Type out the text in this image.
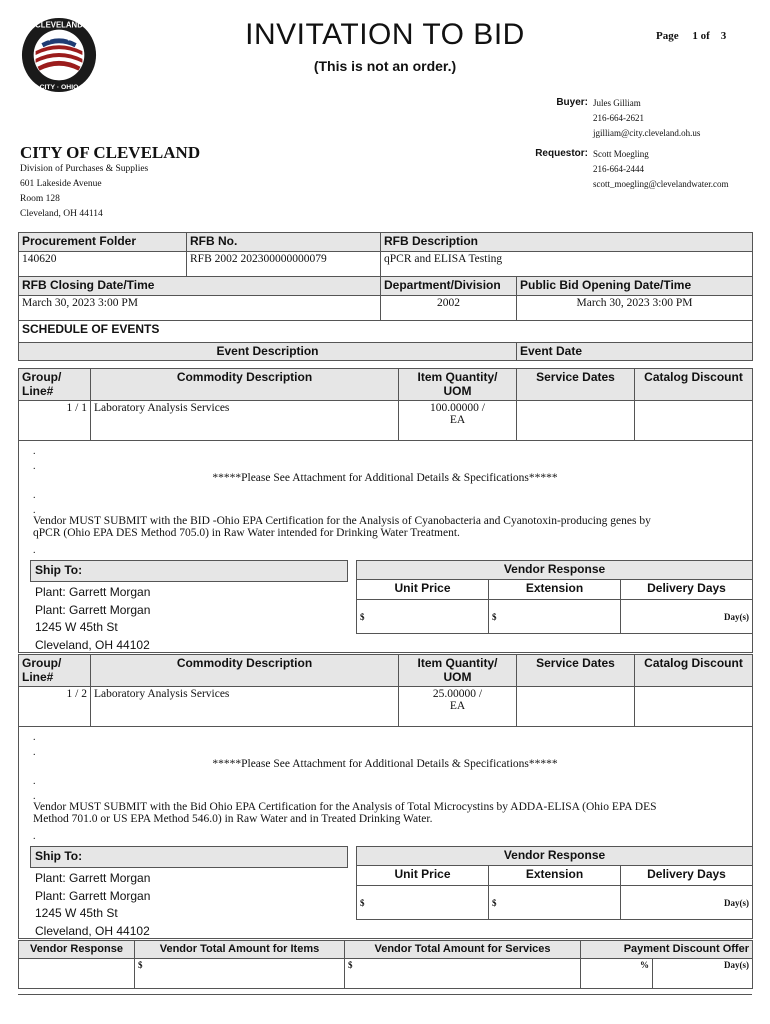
CLEVELAND
CITY · OHIO
INVITATION TO BID
(This is not an order.)
Page 1 of 3
Buyer: Jules Gilliam
216-664-2621
jgilliam@city.cleveland.oh.us
Requestor: Scott Moegling
216-664-2444
scott_moegling@clevelandwater.com
CITY OF CLEVELAND
Division of Purchases & Supplies
601 Lakeside Avenue
Room 128
Cleveland, OH 44114
Procurement Folder	RFB No.	RFB Description	
140620	RFB 2002 202300000000079	qPCR and ELISA Testing	
RFB Closing Date/Time		Department/Division	Public Bid Opening Date/Time
March 30, 2023 3:00 PM		2002	March 30, 2023 3:00 PM
SCHEDULE OF EVENTS			
Event Description			Event Date
Group/ Line#	Commodity Description	Item Quantity/ UOM	Service Dates	Catalog Discount
1 / 1	Laboratory Analysis Services	100.00000 /
EA		

.
.
*****Please See Attachment for Additional Details & Specifications*****
.
.
Vendor MUST SUBMIT with the BID -Ohio EPA Certification for the Analysis of Cyanobacteria and Cyanotoxin-producing genes by
qPCR (Ohio EPA DES Method 705.0) in Raw Water intended for Drinking Water Treatment.
.
Ship To:
Plant: Garrett Morgan
Plant: Garrett Morgan
1245 W 45th St
Cleveland, OH 44102
Vendor Response		
Unit Price	Extension	Delivery Days
$	$	Day(s)
Group/ Line#	Commodity Description	Item Quantity/ UOM	Service Dates	Catalog Discount
1 / 2	Laboratory Analysis Services	25.00000 /
EA		

.
.
*****Please See Attachment for Additional Details & Specifications*****
.
.
Vendor MUST SUBMIT with the Bid Ohio EPA Certification for the Analysis of Total Microcystins by ADDA-ELISA (Ohio EPA DES
Method 701.0 or US EPA Method 546.0) in Raw Water and in Treated Drinking Water.
.
Ship To:
Plant: Garrett Morgan
Plant: Garrett Morgan
1245 W 45th St
Cleveland, OH 44102
Vendor Response		
Unit Price	Extension	Delivery Days
$	$	Day(s)
Vendor Response	Vendor Total Amount for Items	Vendor Total Amount for Services	Payment Discount Offer	
	$	$	%	Day(s)
